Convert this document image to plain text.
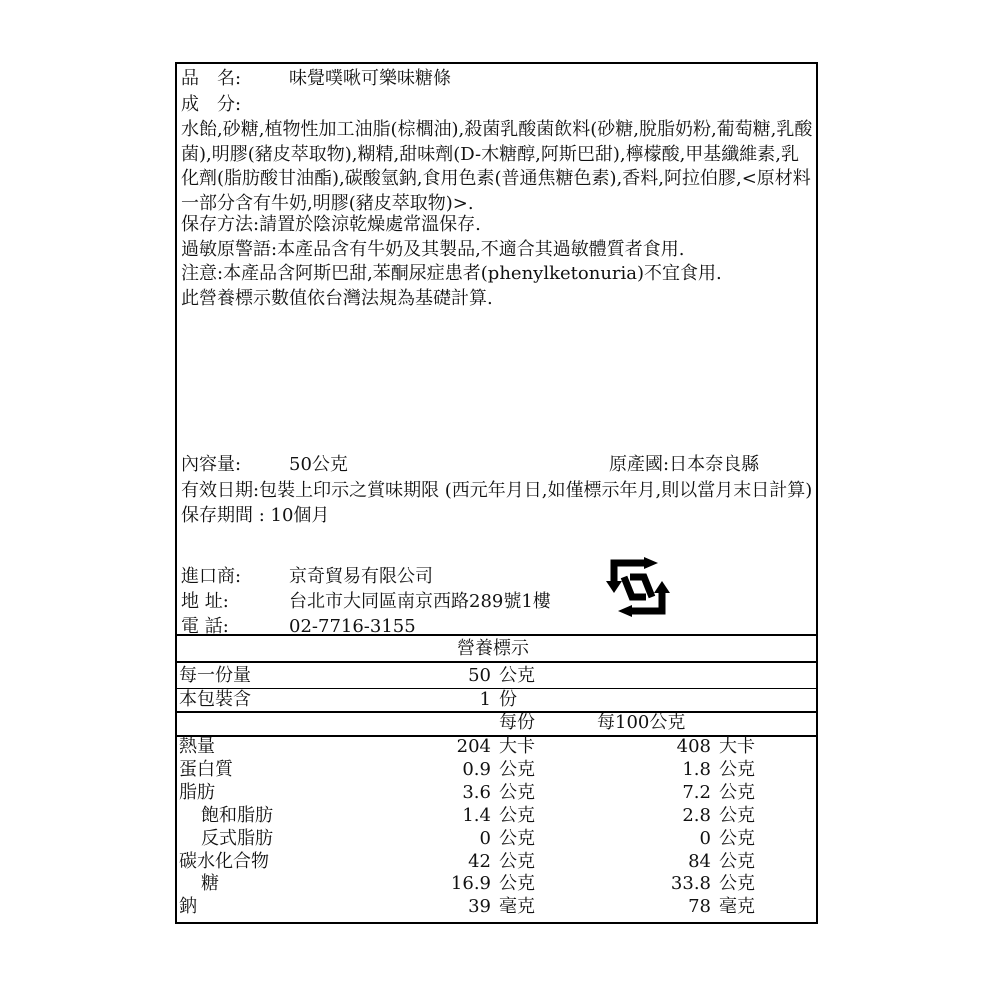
品　名:	味覺噗啾可樂味糖條
成　分:
水飴,砂糖,植物性加工油脂(棕櫚油),殺菌乳酸菌飲料(砂糖,脫脂奶粉,葡萄糖,乳酸菌),明膠(豬皮萃取物),糊精,甜味劑(D-木糖醇,阿斯巴甜),檸檬酸,甲基纖維素,乳化劑(脂肪酸甘油酯),碳酸氫鈉,食用色素(普通焦糖色素),香料,阿拉伯膠,<原材料一部分含有牛奶,明膠(豬皮萃取物)>.
保存方法:請置於陰涼乾燥處常溫保存.
過敏原警語:本產品含有牛奶及其製品,不適合其過敏體質者食用.
注意:本產品含阿斯巴甜,苯酮尿症患者(phenylketonuria)不宜食用.
此營養標示數值依台灣法規為基礎計算.
內容量:	50公克	原產國:日本奈良縣
有效日期:包裝上印示之賞味期限 (西元年月日,如僅標示年月,則以當月末日計算) 保存期間 : 10個月
進口商:	京奇貿易有限公司
地 址:	台北市大同區南京西路289號1樓
電 話:	02-7716-3155
營養標示
每一份量	50 公克
本包裝含	1 份
每份	每100公克
熱量	204 大卡	408 大卡
蛋白質	0.9 公克	1.8 公克
脂肪	3.6 公克	7.2 公克
飽和脂肪	1.4 公克	2.8 公克
反式脂肪	0 公克	0 公克
碳水化合物	42 公克	84 公克
糖	16.9 公克	33.8 公克
鈉	39 毫克	78 毫克
